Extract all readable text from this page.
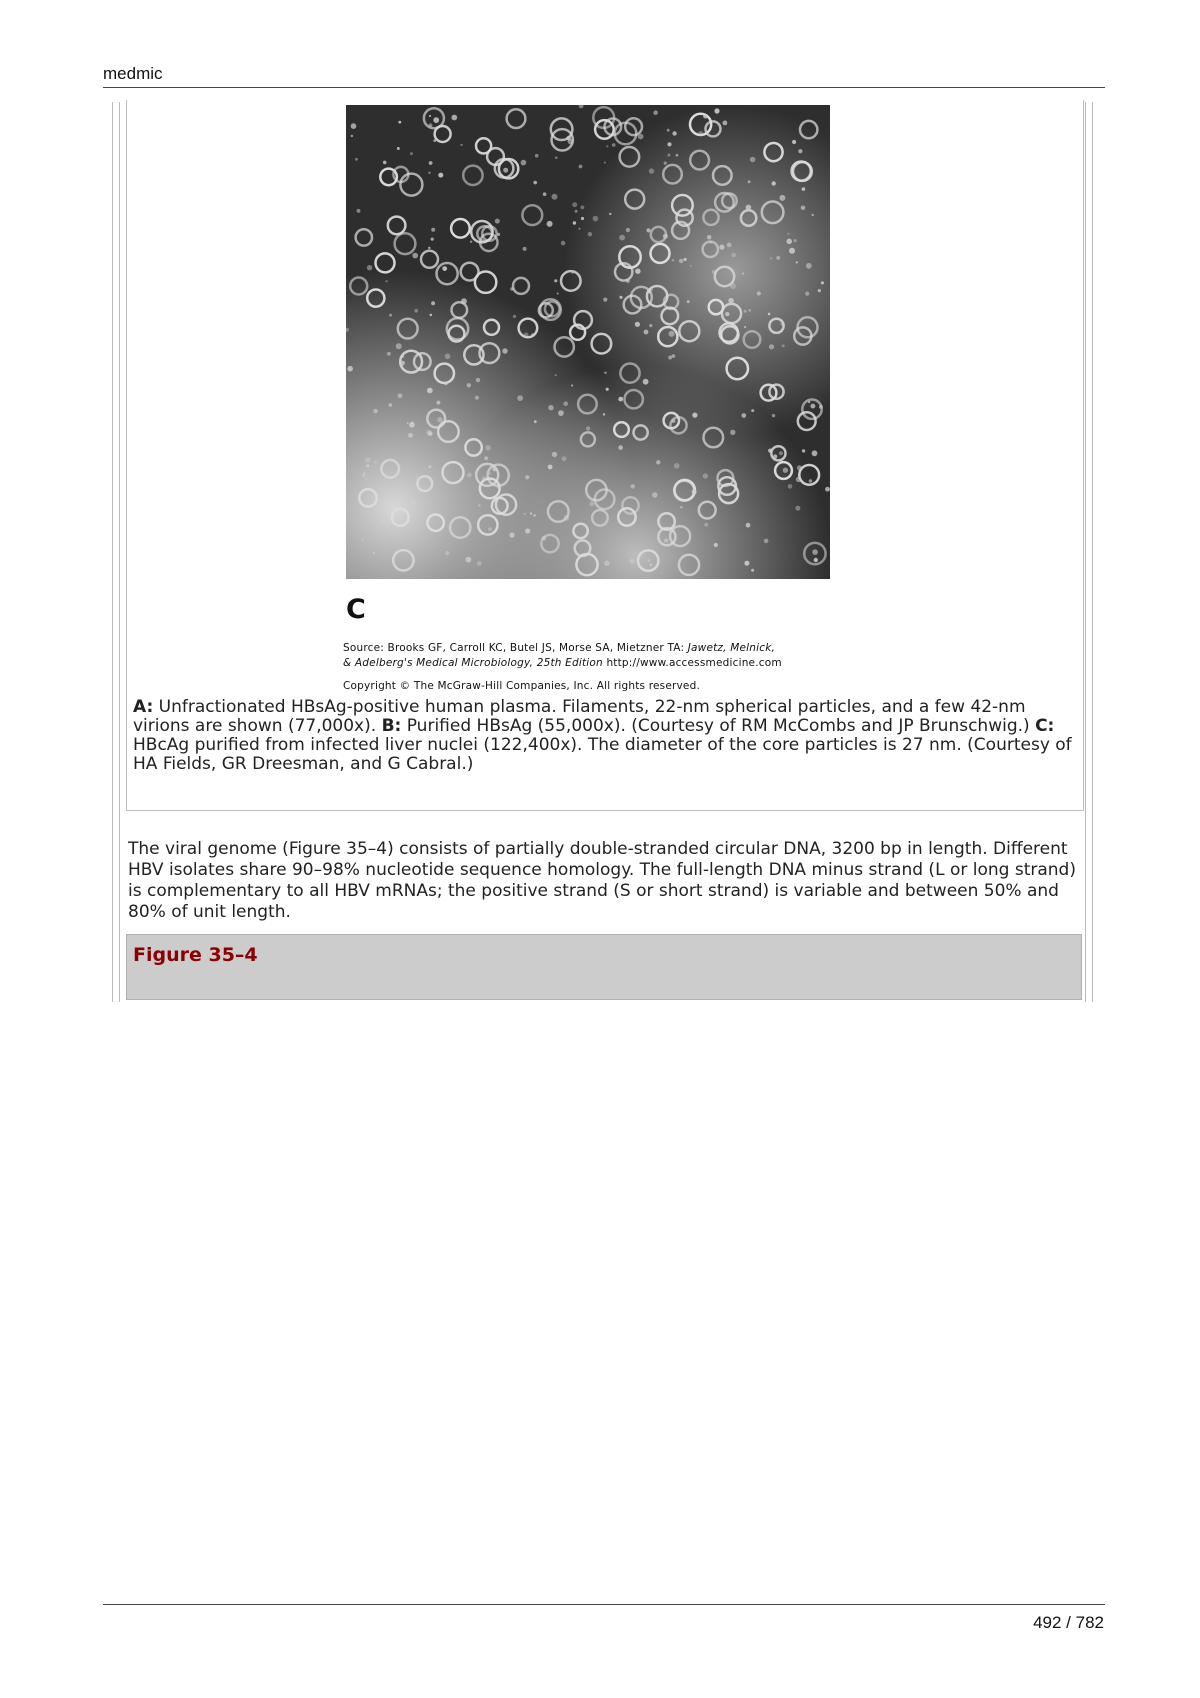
medmic
C
Source: Brooks GF, Carroll KC, Butel JS, Morse SA, Mietzner TA: Jawetz, Melnick,
& Adelberg's Medical Microbiology, 25th Edition http://www.accessmedicine.com
Copyright © The McGraw-Hill Companies, Inc. All rights reserved.
A: Unfractionated HBsAg-positive human plasma. Filaments, 22-nm spherical particles, and a few 42-nm virions are shown (77,000x). B: Purified HBsAg (55,000x). (Courtesy of RM McCombs and JP Brunschwig.) C: HBcAg purified from infected liver nuclei (122,400x). The diameter of the core particles is 27 nm. (Courtesy of HA Fields, GR Dreesman, and G Cabral.)
The viral genome (Figure 35–4) consists of partially double-stranded circular DNA, 3200 bp in length. Different HBV isolates share 90–98% nucleotide sequence homology. The full-length DNA minus strand (L or long strand) is complementary to all HBV mRNAs; the positive strand (S or short strand) is variable and between 50% and 80% of unit length.
Figure 35–4
492 / 782
